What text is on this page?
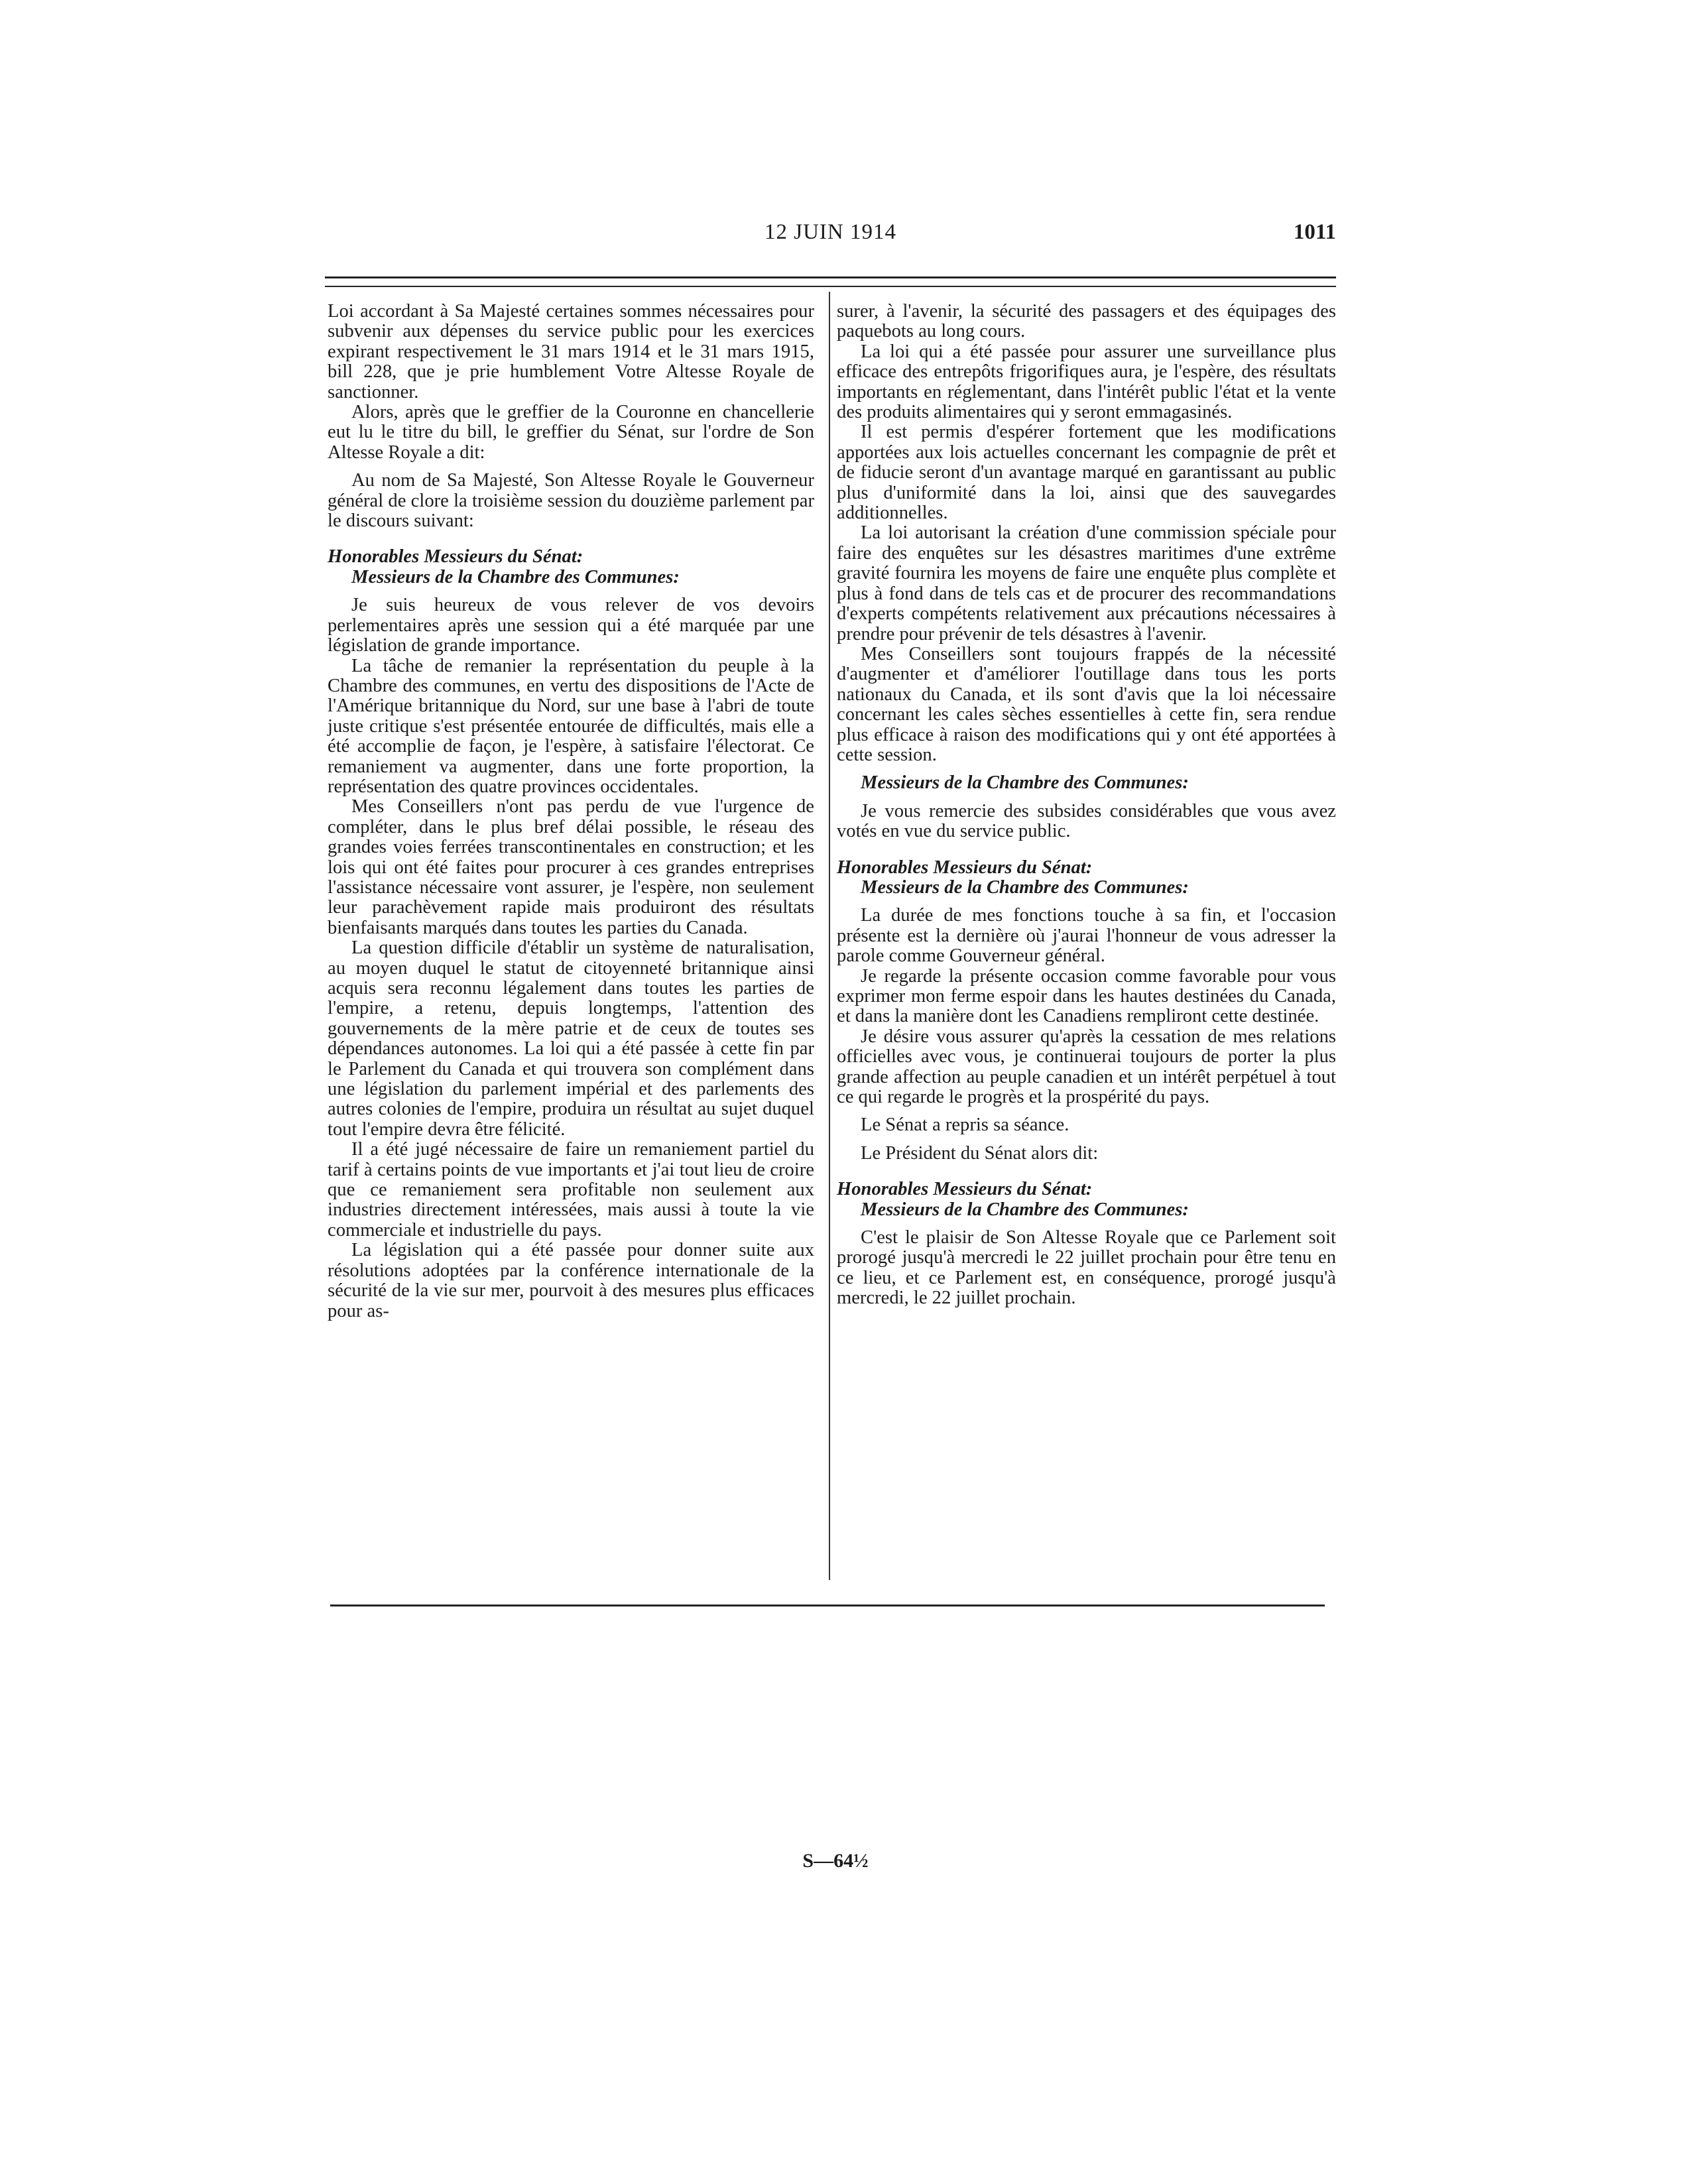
12 JUIN 1914	1011

Loi accordant à Sa Majesté certaines sommes nécessaires pour subvenir aux dépenses du service public pour les exercices expirant respectivement le 31 mars 1914 et le 31 mars 1915, bill 228, que je prie humblement Votre Altesse Royale de sanctionner.

Alors, après que le greffier de la Couronne en chancellerie eut lu le titre du bill, le greffier du Sénat, sur l'ordre de Son Altesse Royale a dit:

Au nom de Sa Majesté, Son Altesse Royale le Gouverneur général de clore la troisième session du douzième parlement par le discours suivant:

Honorables Messieurs du Sénat:

Messieurs de la Chambre des Communes:

Je suis heureux de vous relever de vos devoirs perlementaires après une session qui a été marquée par une législation de grande importance.

La tâche de remanier la représentation du peuple à la Chambre des communes, en vertu des dispositions de l'Acte de l'Amérique britannique du Nord, sur une base à l'abri de toute juste critique s'est présentée entourée de difficultés, mais elle a été accomplie de façon, je l'espère, à satisfaire l'électorat. Ce remaniement va augmenter, dans une forte proportion, la représentation des quatre provinces occidentales.

Mes Conseillers n'ont pas perdu de vue l'urgence de compléter, dans le plus bref délai possible, le réseau des grandes voies ferrées transcontinentales en construction; et les lois qui ont été faites pour procurer à ces grandes entreprises l'assistance nécessaire vont assurer, je l'espère, non seulement leur parachèvement rapide mais produiront des résultats bienfaisants marqués dans toutes les parties du Canada.

La question difficile d'établir un système de naturalisation, au moyen duquel le statut de citoyenneté britannique ainsi acquis sera reconnu légalement dans toutes les parties de l'empire, a retenu, depuis longtemps, l'attention des gouvernements de la mère patrie et de ceux de toutes ses dépendances autonomes. La loi qui a été passée à cette fin par le Parlement du Canada et qui trouvera son complément dans une législation du parlement impérial et des parlements des autres colonies de l'empire, produira un résultat au sujet duquel tout l'empire devra être félicité.

Il a été jugé nécessaire de faire un remaniement partiel du tarif à certains points de vue importants et j'ai tout lieu de croire que ce remaniement sera profitable non seulement aux industries directement intéressées, mais aussi à toute la vie commerciale et industrielle du pays.

La législation qui a été passée pour donner suite aux résolutions adoptées par la conférence internationale de la sécurité de la vie sur mer, pourvoit à des mesures plus efficaces pour as-

surer, à l'avenir, la sécurité des passagers et des équipages des paquebots au long cours.

La loi qui a été passée pour assurer une surveillance plus efficace des entrepôts frigorifiques aura, je l'espère, des résultats importants en réglementant, dans l'intérêt public l'état et la vente des produits alimentaires qui y seront emmagasinés.

Il est permis d'espérer fortement que les modifications apportées aux lois actuelles concernant les compagnie de prêt et de fiducie seront d'un avantage marqué en garantissant au public plus d'uniformité dans la loi, ainsi que des sauvegardes additionnelles.

La loi autorisant la création d'une commission spéciale pour faire des enquêtes sur les désastres maritimes d'une extrême gravité fournira les moyens de faire une enquête plus complète et plus à fond dans de tels cas et de procurer des recommandations d'experts compétents relativement aux précautions nécessaires à prendre pour prévenir de tels désastres à l'avenir.

Mes Conseillers sont toujours frappés de la nécessité d'augmenter et d'améliorer l'outillage dans tous les ports nationaux du Canada, et ils sont d'avis que la loi nécessaire concernant les cales sèches essentielles à cette fin, sera rendue plus efficace à raison des modifications qui y ont été apportées à cette session.

Messieurs de la Chambre des Communes:

Je vous remercie des subsides considérables que vous avez votés en vue du service public.

Honorables Messieurs du Sénat:

Messieurs de la Chambre des Communes:

La durée de mes fonctions touche à sa fin, et l'occasion présente est la dernière où j'aurai l'honneur de vous adresser la parole comme Gouverneur général.

Je regarde la présente occasion comme favorable pour vous exprimer mon ferme espoir dans les hautes destinées du Canada, et dans la manière dont les Canadiens rempliront cette destinée.

Je désire vous assurer qu'après la cessation de mes relations officielles avec vous, je continuerai toujours de porter la plus grande affection au peuple canadien et un intérêt perpétuel à tout ce qui regarde le progrès et la prospérité du pays.

Le Sénat a repris sa séance.

Le Président du Sénat alors dit:

Honorables Messieurs du Sénat:

Messieurs de la Chambre des Communes:

C'est le plaisir de Son Altesse Royale que ce Parlement soit prorogé jusqu'à mercredi le 22 juillet prochain pour être tenu en ce lieu, et ce Parlement est, en conséquence, prorogé jusqu'à mercredi, le 22 juillet prochain.

S—64½
